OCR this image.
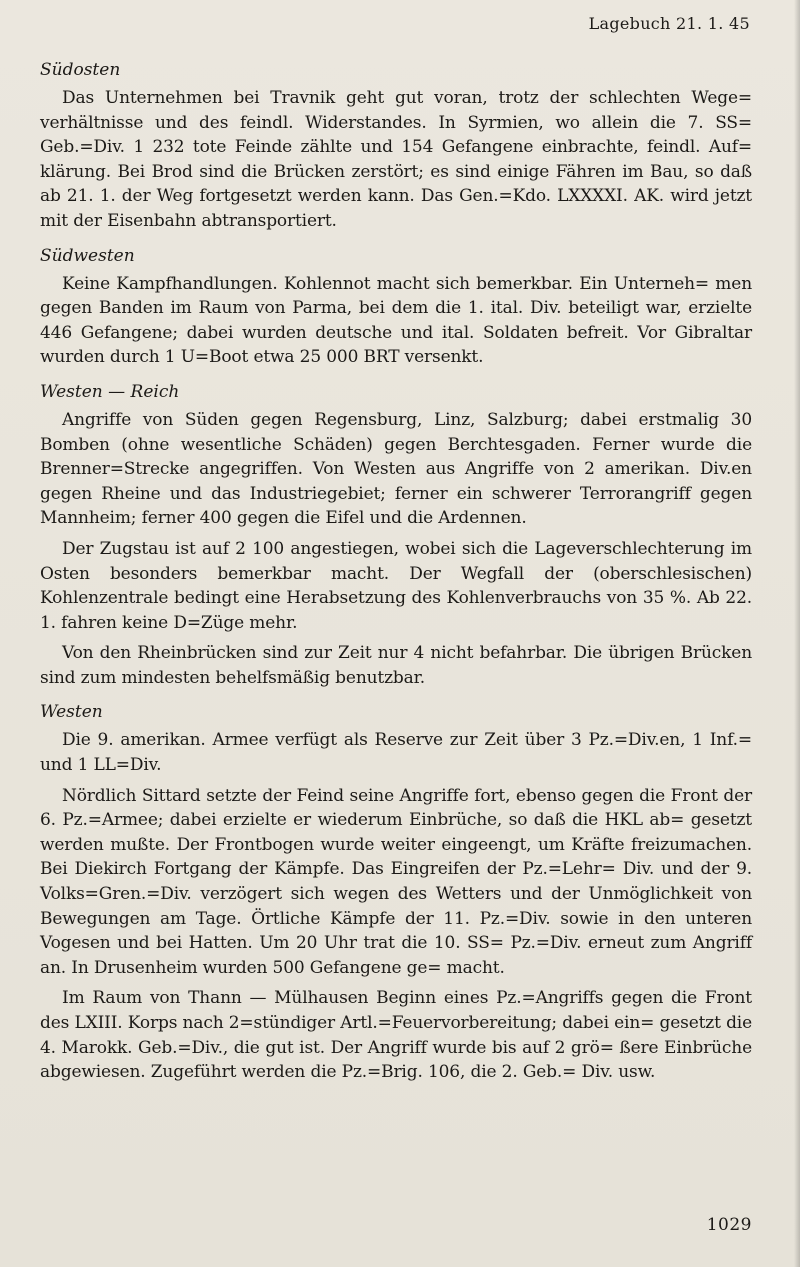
Lagebuch 21. 1. 45
Südosten

Das Unternehmen bei Travnik geht gut voran, trotz der schlechten Wege= verhältnisse und des feindl. Widerstandes. In Syrmien, wo allein die 7. SS= Geb.=Div. 1 232 tote Feinde zählte und 154 Gefangene einbrachte, feindl. Auf= klärung. Bei Brod sind die Brücken zerstört; es sind einige Fähren im Bau, so daß ab 21. 1. der Weg fortgesetzt werden kann. Das Gen.=Kdo. LXXXXI. AK. wird jetzt mit der Eisenbahn abtransportiert.

Südwesten

Keine Kampfhandlungen. Kohlennot macht sich bemerkbar. Ein Unterneh= men gegen Banden im Raum von Parma, bei dem die 1. ital. Div. beteiligt war, erzielte 446 Gefangene; dabei wurden deutsche und ital. Soldaten befreit. Vor Gibraltar wurden durch 1 U=Boot etwa 25 000 BRT versenkt.

Westen — Reich

Angriffe von Süden gegen Regensburg, Linz, Salzburg; dabei erstmalig 30 Bomben (ohne wesentliche Schäden) gegen Berchtesgaden. Ferner wurde die Brenner=Strecke angegriffen. Von Westen aus Angriffe von 2 amerikan. Div.en gegen Rheine und das Industriegebiet; ferner ein schwerer Terrorangriff gegen Mannheim; ferner 400 gegen die Eifel und die Ardennen.

Der Zugstau ist auf 2 100 angestiegen, wobei sich die Lageverschlechterung im Osten besonders bemerkbar macht. Der Wegfall der (oberschlesischen) Kohlenzentrale bedingt eine Herabsetzung des Kohlenverbrauchs von 35 %. Ab 22. 1. fahren keine D=Züge mehr.

Von den Rheinbrücken sind zur Zeit nur 4 nicht befahrbar. Die übrigen Brücken sind zum mindesten behelfsmäßig benutzbar.

Westen

Die 9. amerikan. Armee verfügt als Reserve zur Zeit über 3 Pz.=Div.en, 1 Inf.= und 1 LL=Div.

Nördlich Sittard setzte der Feind seine Angriffe fort, ebenso gegen die Front der 6. Pz.=Armee; dabei erzielte er wiederum Einbrüche, so daß die HKL ab= gesetzt werden mußte. Der Frontbogen wurde weiter eingeengt, um Kräfte freizumachen. Bei Diekirch Fortgang der Kämpfe. Das Eingreifen der Pz.=Lehr= Div. und der 9. Volks=Gren.=Div. verzögert sich wegen des Wetters und der Unmöglichkeit von Bewegungen am Tage. Örtliche Kämpfe der 11. Pz.=Div. sowie in den unteren Vogesen und bei Hatten. Um 20 Uhr trat die 10. SS= Pz.=Div. erneut zum Angriff an. In Drusenheim wurden 500 Gefangene ge= macht.

Im Raum von Thann — Mülhausen Beginn eines Pz.=Angriffs gegen die Front des LXIII. Korps nach 2=stündiger Artl.=Feuervorbereitung; dabei ein= gesetzt die 4. Marokk. Geb.=Div., die gut ist. Der Angriff wurde bis auf 2 grö= ßere Einbrüche abgewiesen. Zugeführt werden die Pz.=Brig. 106, die 2. Geb.= Div. usw.

1029
